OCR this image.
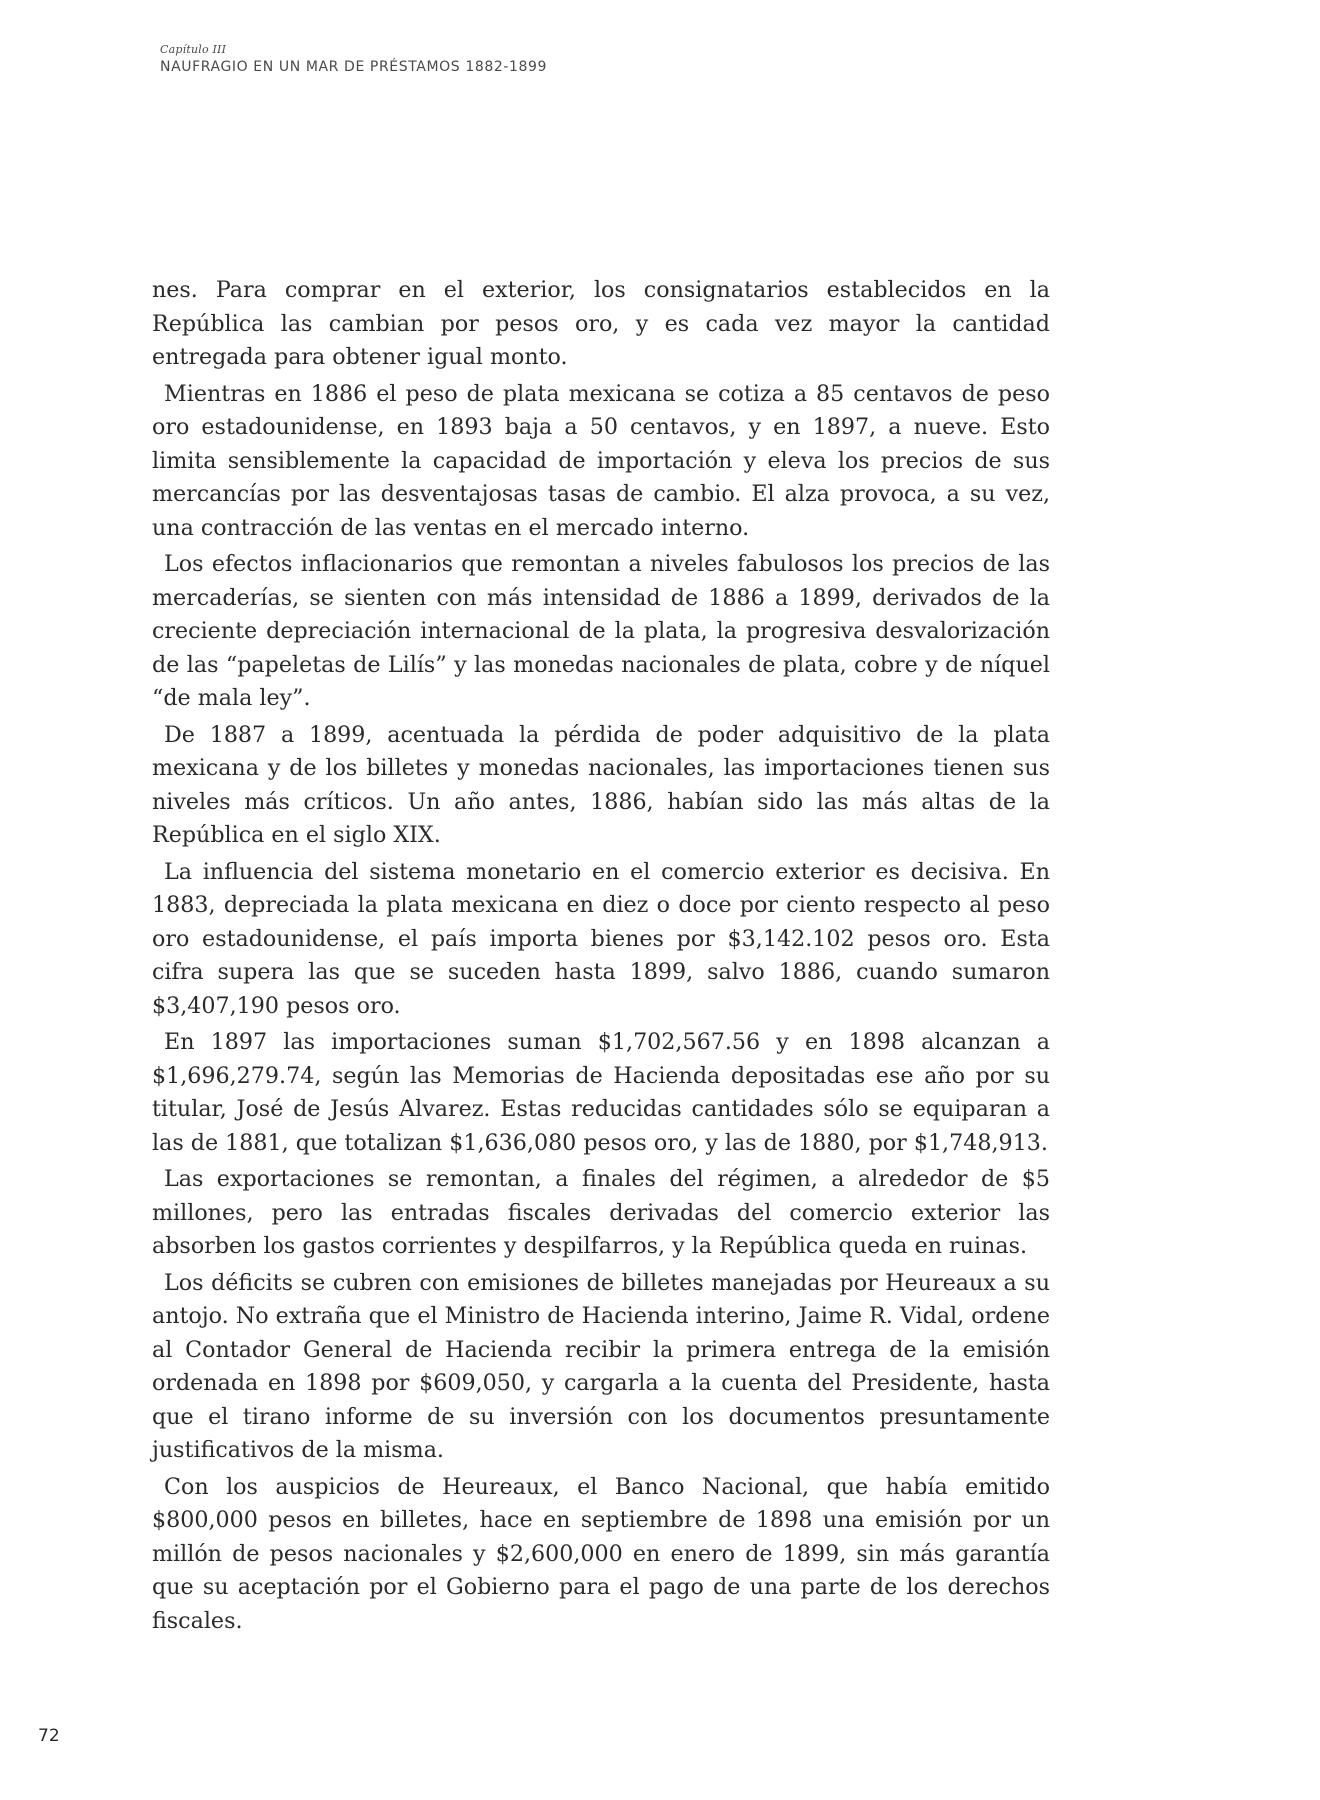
Capítulo III
NAUFRAGIO EN UN MAR DE PRÉSTAMOS 1882-1899

nes. Para comprar en el exterior, los consignatarios establecidos en la República las cambian por pesos oro, y es cada vez mayor la cantidad entregada para obtener igual monto.

Mientras en 1886 el peso de plata mexicana se cotiza a 85 centavos de peso oro estadounidense, en 1893 baja a 50 centavos, y en 1897, a nueve. Esto limita sensiblemente la capacidad de importación y eleva los precios de sus mercancías por las desventajosas tasas de cambio. El alza provoca, a su vez, una contracción de las ventas en el mercado interno.

Los efectos inflacionarios que remontan a niveles fabulosos los precios de las mercaderías, se sienten con más intensidad de 1886 a 1899, derivados de la creciente depreciación internacional de la plata, la progresiva desvalorización de las “papeletas de Lilís” y las monedas nacionales de plata, cobre y de níquel “de mala ley”.

De 1887 a 1899, acentuada la pérdida de poder adquisitivo de la plata mexicana y de los billetes y monedas nacionales, las importaciones tienen sus niveles más críticos. Un año antes, 1886, habían sido las más altas de la República en el siglo XIX.

La influencia del sistema monetario en el comercio exterior es decisiva. En 1883, depreciada la plata mexicana en diez o doce por ciento respecto al peso oro estadounidense, el país importa bienes por $3,142.102 pesos oro. Esta cifra supera las que se suceden hasta 1899, salvo 1886, cuando sumaron $3,407,190 pesos oro.

En 1897 las importaciones suman $1,702,567.56 y en 1898 alcanzan a $1,696,279.74, según las Memorias de Hacienda depositadas ese año por su titular, José de Jesús Alvarez. Estas reducidas cantidades sólo se equiparan a las de 1881, que totalizan $1,636,080 pesos oro, y las de 1880, por $1,748,913.

Las exportaciones se remontan, a finales del régimen, a alrededor de $5 millones, pero las entradas fiscales derivadas del comercio exterior las absorben los gastos corrientes y despilfarros, y la República queda en ruinas.

Los déficits se cubren con emisiones de billetes manejadas por Heureaux a su antojo. No extraña que el Ministro de Hacienda interino, Jaime R. Vidal, ordene al Contador General de Hacienda recibir la primera entrega de la emisión ordenada en 1898 por $609,050, y cargarla a la cuenta del Presidente, hasta que el tirano informe de su inversión con los documentos presuntamente justificativos de la misma.

Con los auspicios de Heureaux, el Banco Nacional, que había emitido $800,000 pesos en billetes, hace en septiembre de 1898 una emisión por un millón de pesos nacionales y $2,600,000 en enero de 1899, sin más garantía que su aceptación por el Gobierno para el pago de una parte de los derechos fiscales.

72
